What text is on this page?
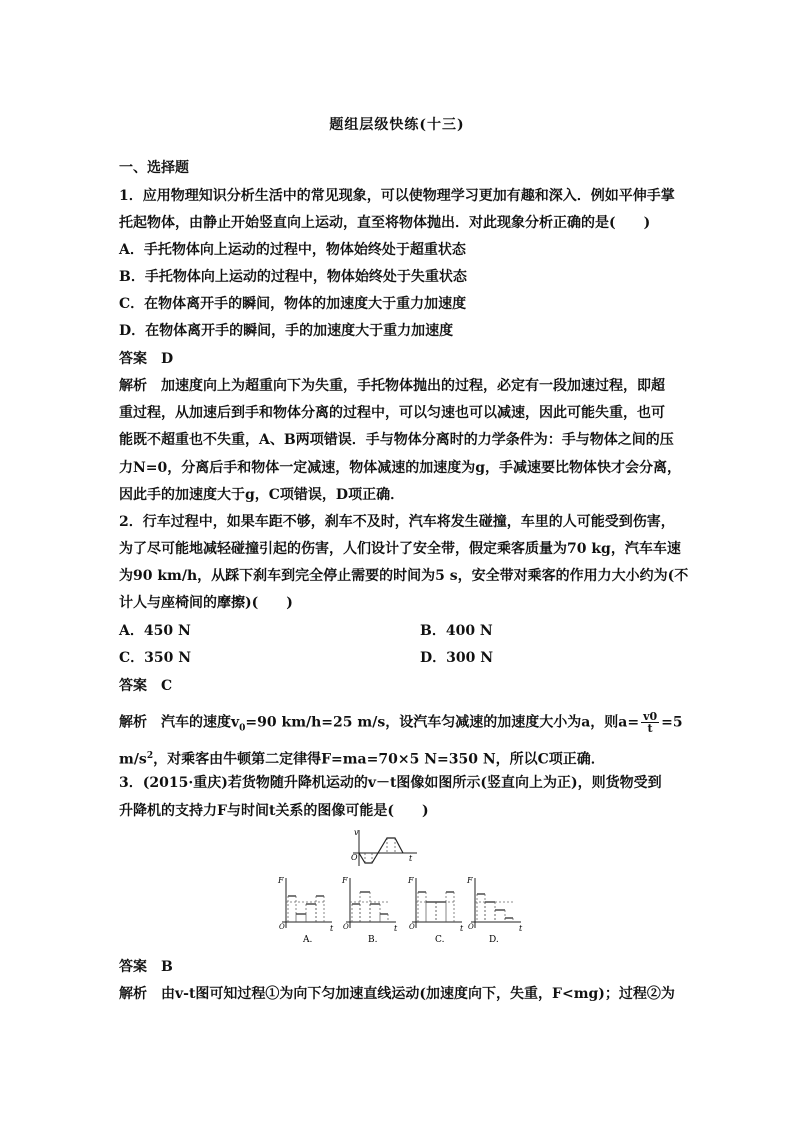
题组层级快练(十三)
一、选择题
1．应用物理知识分析生活中的常见现象，可以使物理学习更加有趣和深入．例如平伸手掌
托起物体，由静止开始竖直向上运动，直至将物体抛出．对此现象分析正确的是(　　)
A．手托物体向上运动的过程中，物体始终处于超重状态
B．手托物体向上运动的过程中，物体始终处于失重状态
C．在物体离开手的瞬间，物体的加速度大于重力加速度
D．在物体离开手的瞬间，手的加速度大于重力加速度
答案　D
解析　加速度向上为超重向下为失重，手托物体抛出的过程，必定有一段加速过程，即超
重过程，从加速后到手和物体分离的过程中，可以匀速也可以减速，因此可能失重，也可
能既不超重也不失重，A、B两项错误．手与物体分离时的力学条件为：手与物体之间的压
力N=0，分离后手和物体一定减速，物体减速的加速度为g，手减速要比物体快才会分离，
因此手的加速度大于g，C项错误，D项正确．
2．行车过程中，如果车距不够，刹车不及时，汽车将发生碰撞，车里的人可能受到伤害，
为了尽可能地减轻碰撞引起的伤害，人们设计了安全带，假定乘客质量为70 kg，汽车车速
为90 km/h，从踩下刹车到完全停止需要的时间为5 s，安全带对乘客的作用力大小约为(不
计人与座椅间的摩擦)(　　)
A．450 N	B．400 N
C．350 N	D．300 N
答案　C
解析　汽车的速度$v_0=90$ km/h=25 m/s，设汽车匀减速的加速度大小为a，则$a= \frac{v0}{t} =5$
$m/s^2$，对乘客由牛顿第二定律得F=ma=70×5 N=350 N，所以C项正确．
3．(2015·重庆)若货物随升降机运动的v－t图像如图所示(竖直向上为正)，则货物受到
升降机的支持力F与时间t关系的图像可能是(　　)
v
O	t
F
O	t
F
O	t
F
O	t
F
O	t
A.	B.	C.	D.
答案　B
解析　由v-t图可知过程①为向下匀加速直线运动(加速度向下，失重，F<mg)；过程②为
